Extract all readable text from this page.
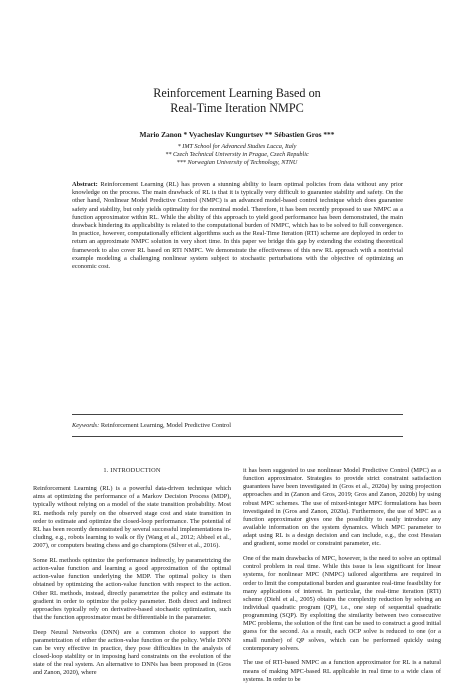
Reinforcement Learning Based on
Real-Time Iteration NMPC
Mario Zanon * Vyacheslav Kungurtsev ** Sébastien Gros ***
* IMT School for Advanced Studies Lucca, Italy
** Czech Technical University in Prague, Czech Republic
*** Norwegian University of Technology, NTNU
Abstract: Reinforcement Learning (RL) has proven a stunning ability to learn optimal policies from data without any prior knowledge on the process. The main drawback of RL is that it is typically very difficult to guarantee stability and safety. On the other hand, Nonlinear Model Predictive Control (NMPC) is an advanced model-based control technique which does guarantee safety and stability, but only yields optimality for the nominal model. Therefore, it has been recently proposed to use NMPC as a function approximator within RL. While the ability of this approach to yield good performance has been demonstrated, the main drawback hindering its applicability is related to the computational burden of NMPC, which has to be solved to full convergence. In practice, however, computationally efficient algorithms such as the Real-Time Iteration (RTI) scheme are deployed in order to return an approximate NMPC solution in very short time. In this paper we bridge this gap by extending the existing theoretical framework to also cover RL based on RTI NMPC. We demonstrate the effectiveness of this new RL approach with a nontrivial example modeling a challenging nonlinear system subject to stochastic perturbations with the objective of optimizing an economic cost.
Keywords: Reinforcement Learning, Model Predictive Control
1. INTRODUCTION

Reinforcement Learning (RL) is a powerful data-driven technique which aims at optimizing the performance of a Markov Decision Process (MDP), typically without relying on a model of the state transition probability. Most RL methods rely purely on the observed stage cost and state transition in order to estimate and optimize the closed-loop performance. The potential of RL has been recently demonstrated by several successful implementations in-cluding, e.g., robots learning to walk or fly (Wang et al., 2012; Abbeel et al., 2007), or computers beating chess and go champions (Silver et al., 2016).

Some RL methods optimize the performance indirectly, by parametrizing the action-value function and learning a good approximation of the optimal action-value function underlying the MDP. The optimal policy is then obtained by optimizing the action-value function with respect to the action. Other RL methods, instead, directly parametrize the policy and estimate its gradient in order to optimize the policy parameter. Both direct and indirect approaches typically rely on derivative-based stochastic optimization, such that the function approximator must be differentiable in the parameter.

Deep Neural Networks (DNN) are a common choice to support the parametrization of either the action-value function or the policy. While DNN can be very effective in practice, they pose difficulties in the analysis of closed-loop stability or in imposing hard constraints on the evolution of the state of the real system. An alternative to DNNs has been proposed in (Gros and Zanon, 2020), where

it has been suggested to use nonlinear Model Predictive Control (MPC) as a function approximator. Strategies to provide strict constraint satisfaction guarantees have been investigated in (Gros et al., 2020a) by using projection approaches and in (Zanon and Gros, 2019; Gros and Zanon, 2020b) by using robust MPC schemes. The use of mixed-integer MPC formulations has been investigated in (Gros and Zanon, 2020a). Furthermore, the use of MPC as a function approximator gives one the possibility to easily introduce any available information on the system dynamics. Which MPC parameter to adapt using RL is a design decision and can include, e.g., the cost Hessian and gradient, some model or constraint parameter, etc.

One of the main drawbacks of MPC, however, is the need to solve an optimal control problem in real time. While this issue is less significant for linear systems, for nonlinear MPC (NMPC) tailored algorithms are required in order to limit the computational burden and guarantee real-time feasibility for many applications of interest. In particular, the real-time iteration (RTI) scheme (Diehl et al., 2005) obtains the complexity reduction by solving an individual quadratic program (QP), i.e., one step of sequential quadratic programming (SQP). By exploiting the similarity between two consecutive MPC problems, the solution of the first can be used to construct a good initial guess for the second. As a result, each OCP solve is reduced to one (or a small number) of QP solves, which can be performed quickly using contemporary solvers.

The use of RTI-based NMPC as a function approximator for RL is a natural means of making MPC-based RL applicable in real time to a wide class of systems. In order to be
